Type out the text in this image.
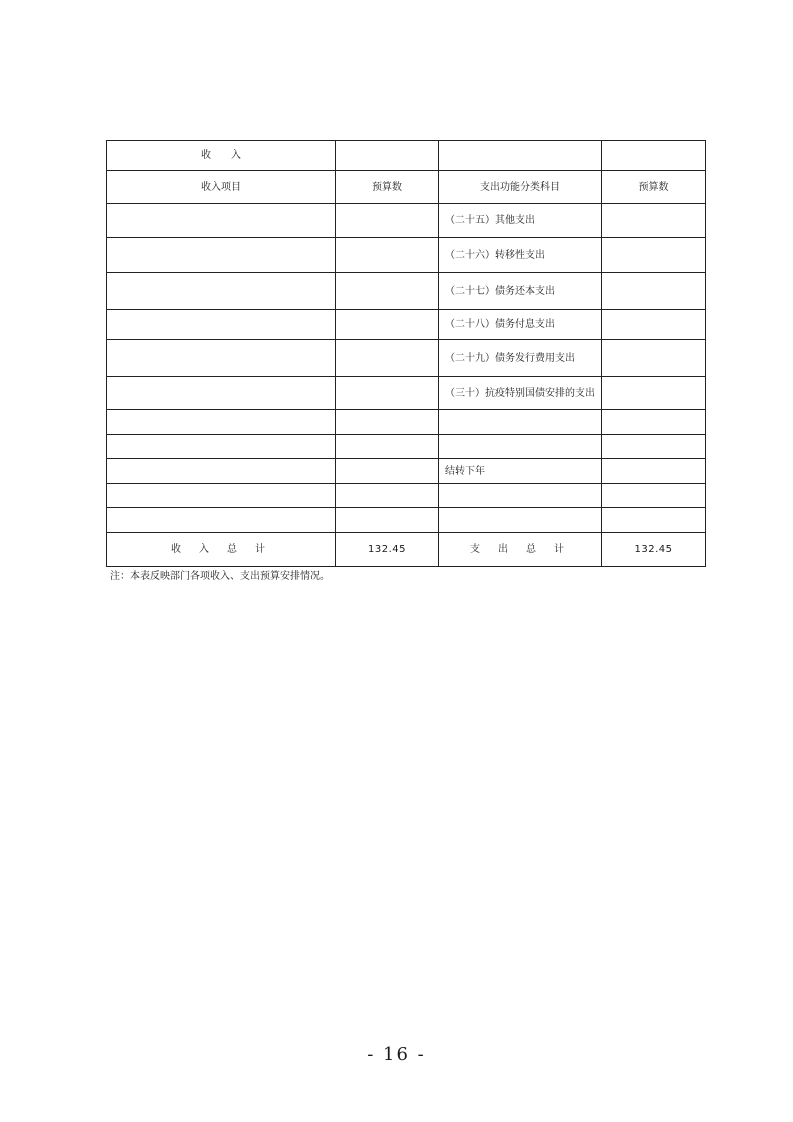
收　　入			
收入项目	预算数	支出功能分类科目	预算数
		（二十五）其他支出	
		（二十六）转移性支出	
		（二十七）债务还本支出	
		（二十八）债务付息支出	
		（二十九）债务发行费用支出	
		（三十）抗疫特别国债安排的支出	

		结转下年	

收入总计	132.45	支出总计	132.45
注：本表反映部门各项收入、支出预算安排情况。
- 16 -
